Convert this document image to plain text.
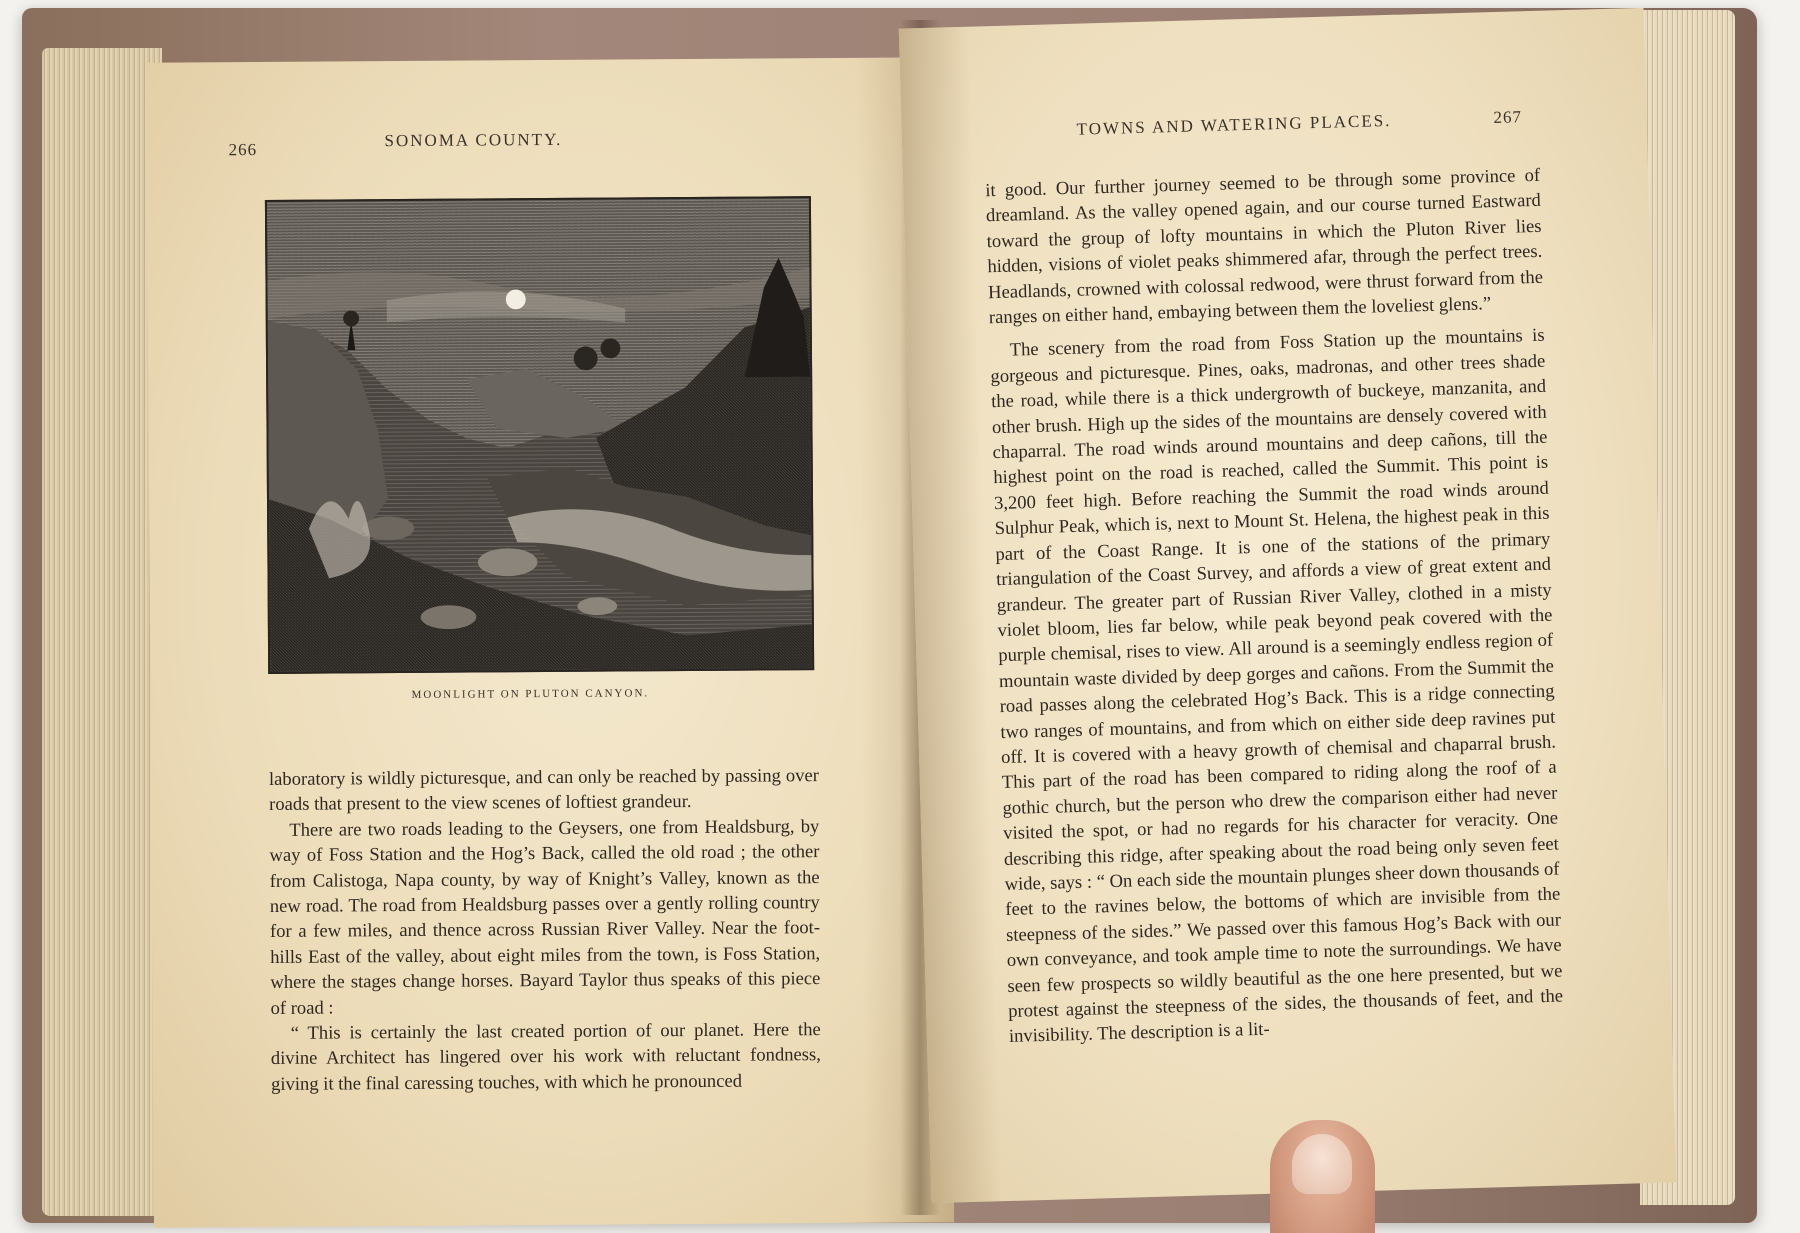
266	SONOMA COUNTY.
MOONLIGHT ON PLUTON CANYON.

laboratory is wildly picturesque, and can only be reached by passing over roads that present to the view scenes of loftiest grandeur.

There are two roads leading to the Geysers, one from Healdsburg, by way of Foss Station and the Hog’s Back, called the old road ; the other from Calistoga, Napa county, by way of Knight’s Valley, known as the new road. The road from Healdsburg passes over a gently rolling country for a few miles, and thence across Russian River Valley. Near the foot-hills East of the valley, about eight miles from the town, is Foss Station, where the stages change horses. Bayard Taylor thus speaks of this piece of road :

“ This is certainly the last created portion of our planet. Here the divine Architect has lingered over his work with reluctant fondness, giving it the final caressing touches, with which he pronounced

TOWNS AND WATERING PLACES.	267

it good. Our further journey seemed to be through some province of dreamland. As the valley opened again, and our course turned Eastward toward the group of lofty mountains in which the Pluton River lies hidden, visions of violet peaks shimmered afar, through the perfect trees. Headlands, crowned with colossal redwood, were thrust forward from the ranges on either hand, embaying between them the loveliest glens.”

The scenery from the road from Foss Station up the mountains is gorgeous and picturesque. Pines, oaks, madronas, and other trees shade the road, while there is a thick undergrowth of buckeye, manzanita, and other brush. High up the sides of the mountains are densely covered with chaparral. The road winds around mountains and deep cañons, till the highest point on the road is reached, called the Summit. This point is 3,200 feet high. Before reaching the Summit the road winds around Sulphur Peak, which is, next to Mount St. Helena, the highest peak in this part of the Coast Range. It is one of the stations of the primary triangulation of the Coast Survey, and affords a view of great extent and grandeur. The greater part of Russian River Valley, clothed in a misty violet bloom, lies far below, while peak beyond peak covered with the purple chemisal, rises to view. All around is a seemingly endless region of mountain waste divided by deep gorges and cañons. From the Summit the road passes along the celebrated Hog’s Back. This is a ridge connecting two ranges of mountains, and from which on either side deep ravines put off. It is covered with a heavy growth of chemisal and chaparral brush. This part of the road has been compared to riding along the roof of a gothic church, but the person who drew the comparison either had never visited the spot, or had no regards for his character for veracity. One describing this ridge, after speaking about the road being only seven feet wide, says : “ On each side the mountain plunges sheer down thousands of feet to the ravines below, the bottoms of which are invisible from the steepness of the sides.” We passed over this famous Hog’s Back with our own conveyance, and took ample time to note the surroundings. We have seen few prospects so wildly beautiful as the one here presented, but we protest against the steepness of the sides, the thousands of feet, and the invisibility. The description is a lit-
